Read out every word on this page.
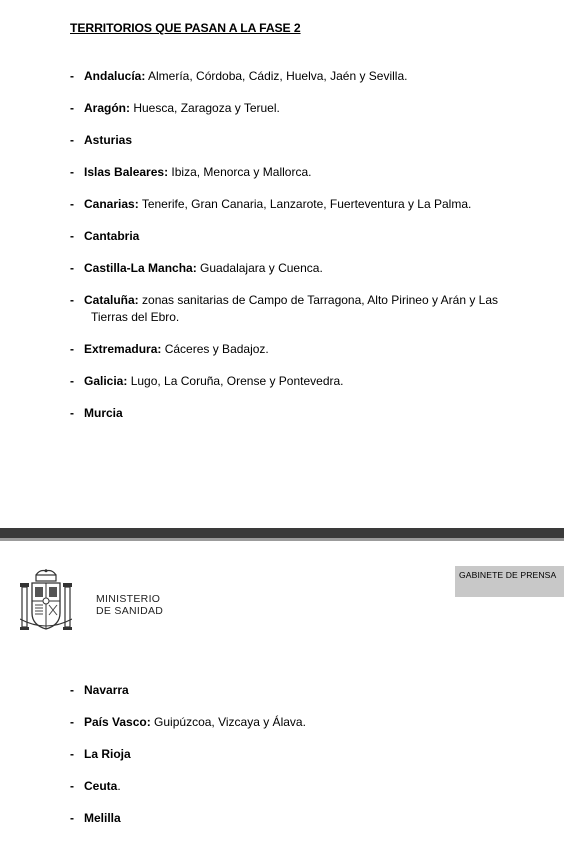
TERRITORIOS QUE PASAN A LA FASE 2
- Andalucía: Almería, Córdoba, Cádiz, Huelva, Jaén y Sevilla.
- Aragón: Huesca, Zaragoza y Teruel.
- Asturias
- Islas Baleares: Ibiza, Menorca y Mallorca.
- Canarias: Tenerife, Gran Canaria, Lanzarote, Fuerteventura y La Palma.
- Cantabria
- Castilla-La Mancha: Guadalajara y Cuenca.
- Cataluña: zonas sanitarias de Campo de Tarragona, Alto Pirineo y Arán y Las
Tierras del Ebro.
- Extremadura: Cáceres y Badajoz.
- Galicia: Lugo, La Coruña, Orense y Pontevedra.
- Murcia
MINISTERIO
DE SANIDAD
GABINETE DE PRENSA
- Navarra
- País Vasco: Guipúzcoa, Vizcaya y Álava.
- La Rioja
- Ceuta.
- Melilla
